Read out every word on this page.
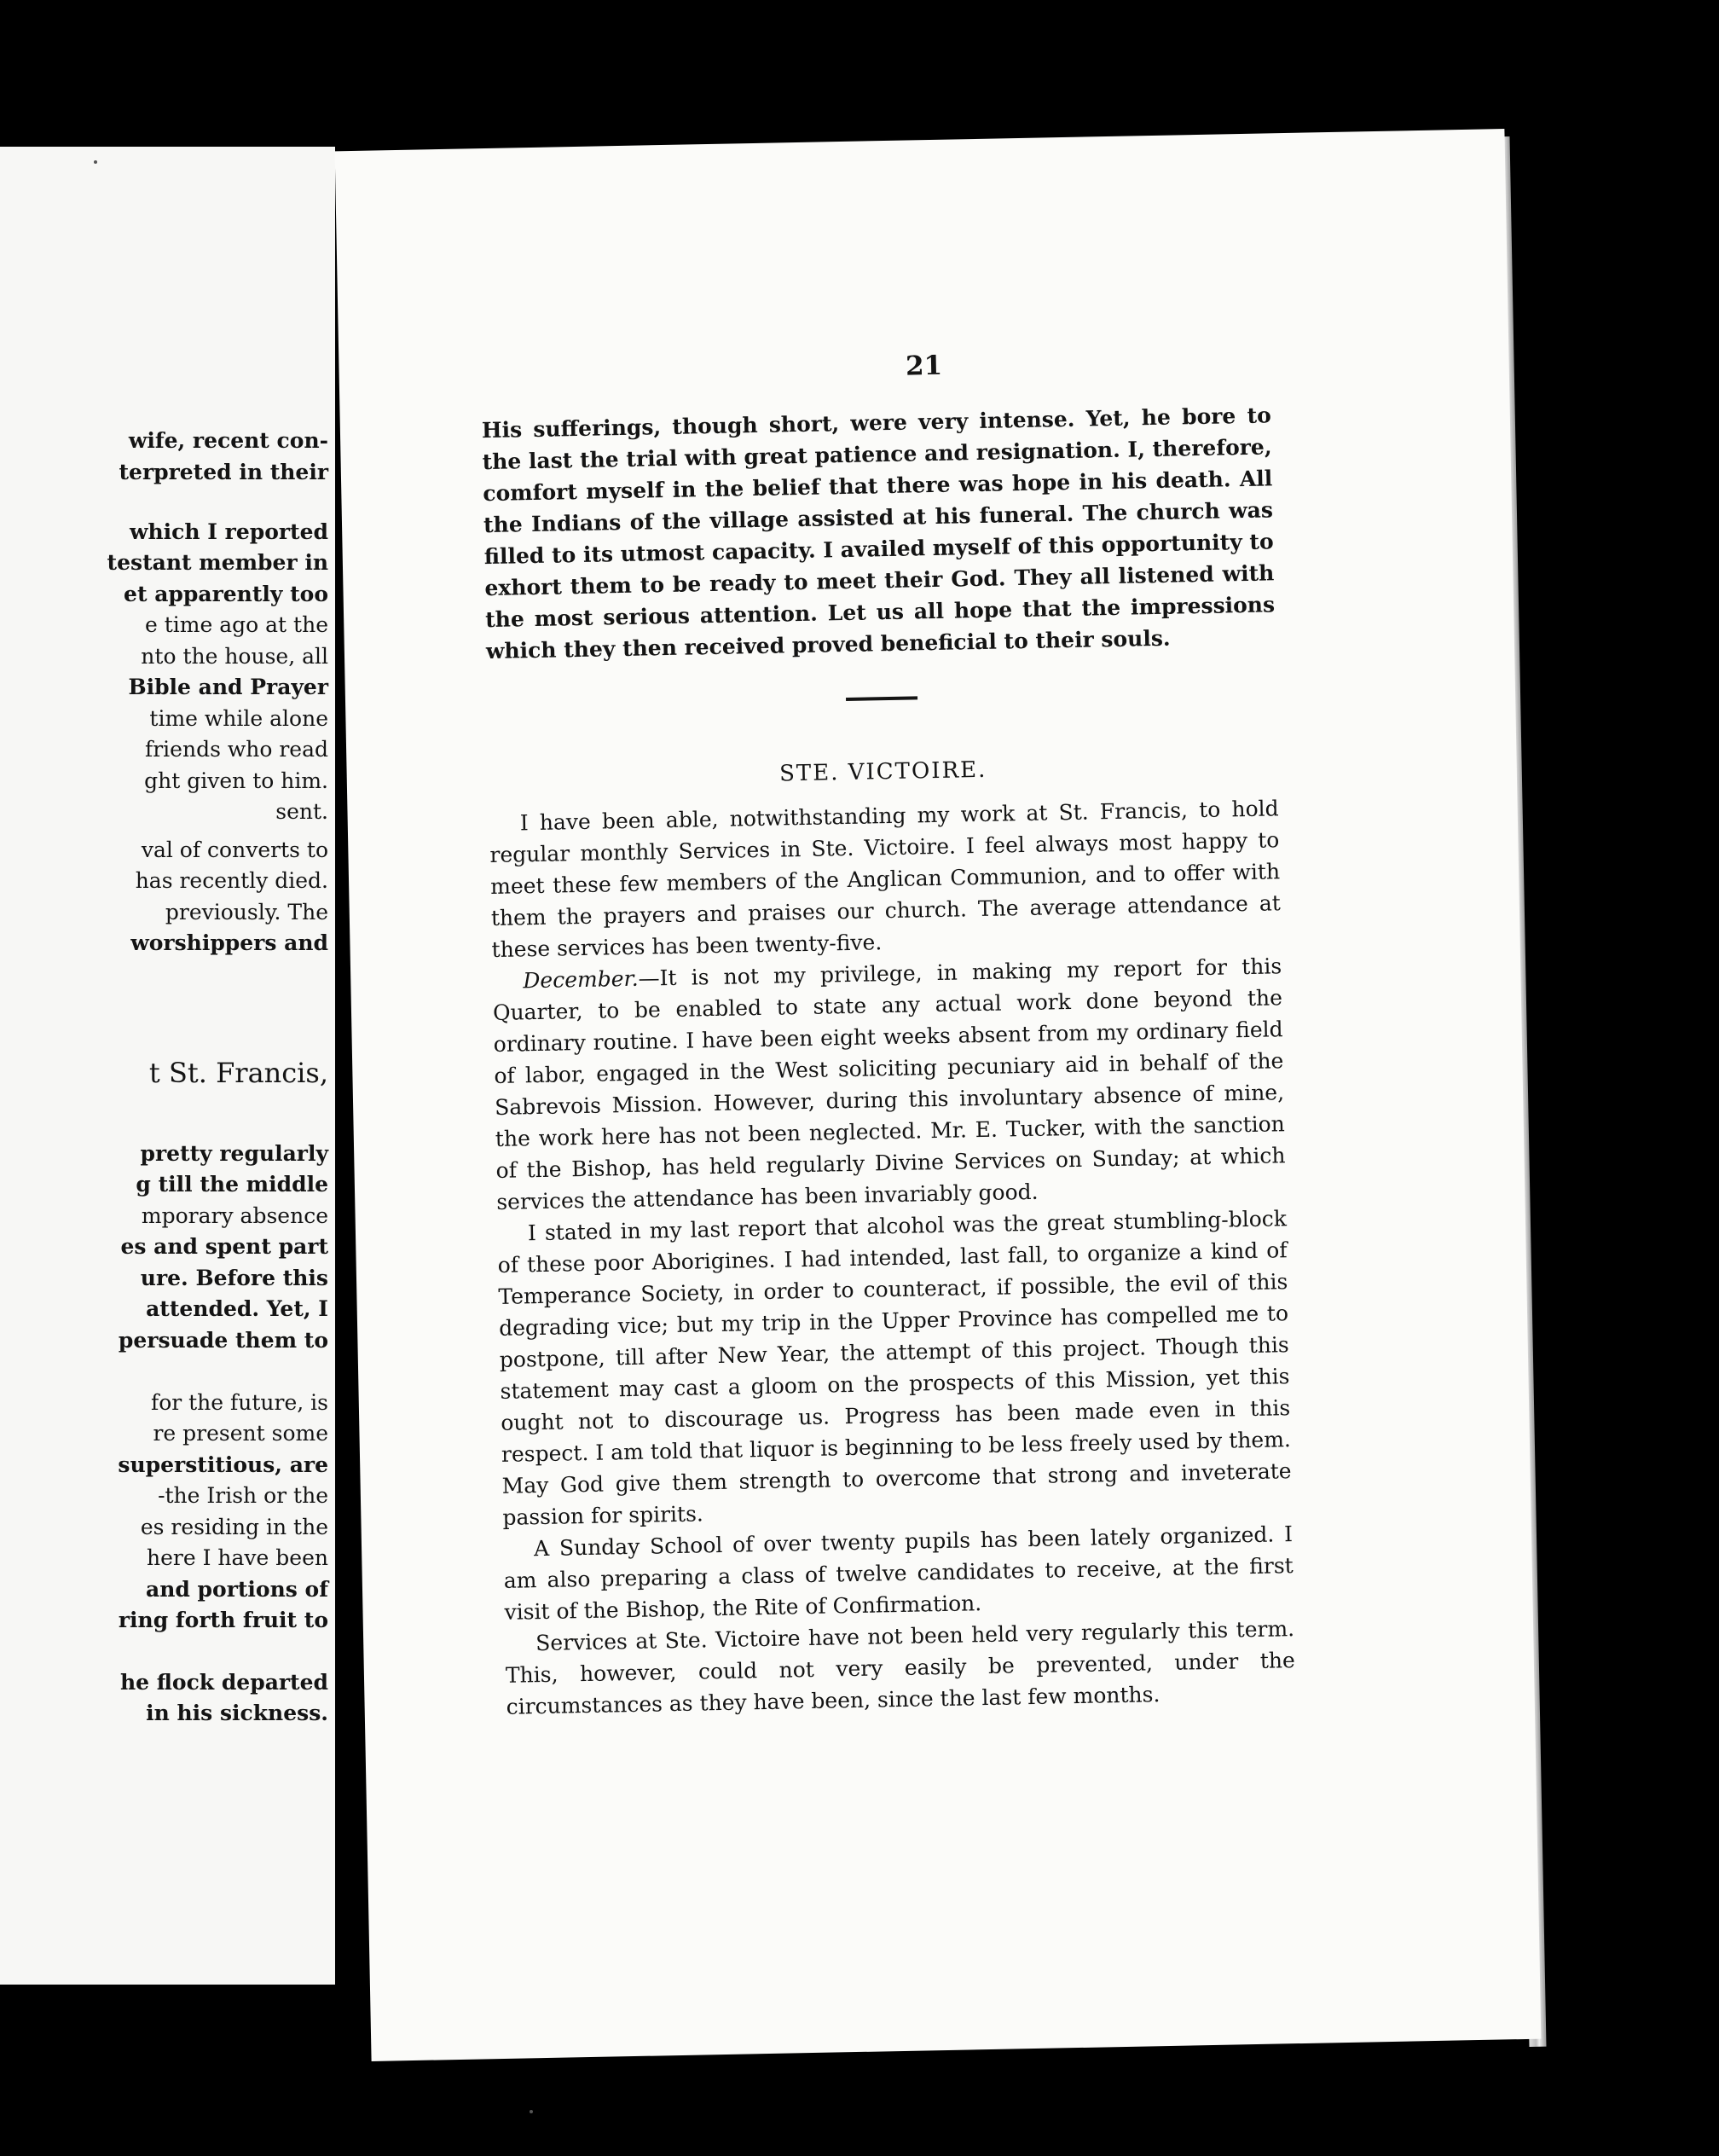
wife, recent con-
terpreted in their
which I reported
testant member in
et apparently too
e time ago at the
nto the house, all
Bible and Prayer
time while alone
friends who read
ght given to him.
sent.
val of converts to
has recently died.
previously. The
worshippers and
t St. Francis,
pretty regularly
g till the middle
mporary absence
es and spent part
ure. Before this
attended. Yet, I
persuade them to
for the future, is
re present some
superstitious, are
-the Irish or the
es residing in the
here I have been
and portions of
ring forth fruit to
he flock departed
in his sickness.
21

His sufferings, though short, were very intense. Yet, he bore to the last the trial with great patience and resignation. I, therefore, comfort myself in the belief that there was hope in his death. All the Indians of the village assisted at his funeral. The church was filled to its utmost capacity. I availed myself of this opportunity to exhort them to be ready to meet their God. They all listened with the most serious attention. Let us all hope that the impressions which they then received proved beneficial to their souls.

STE. VICTOIRE.

I have been able, notwithstanding my work at St. Francis, to hold regular monthly Services in Ste. Victoire. I feel always most happy to meet these few members of the Anglican Communion, and to offer with them the prayers and praises our church. The average attendance at these services has been twenty-five.

December.—It is not my privilege, in making my report for this Quarter, to be enabled to state any actual work done beyond the ordinary routine. I have been eight weeks absent from my ordinary field of labor, engaged in the West soliciting pecuniary aid in behalf of the Sabrevois Mission. However, during this involuntary absence of mine, the work here has not been neglected. Mr. E. Tucker, with the sanction of the Bishop, has held regularly Divine Services on Sunday; at which services the attendance has been invariably good.

I stated in my last report that alcohol was the great stumbling-block of these poor Aborigines. I had intended, last fall, to organize a kind of Temperance Society, in order to counteract, if possible, the evil of this degrading vice; but my trip in the Upper Province has compelled me to postpone, till after New Year, the attempt of this project. Though this statement may cast a gloom on the prospects of this Mission, yet this ought not to discourage us. Progress has been made even in this respect. I am told that liquor is beginning to be less freely used by them. May God give them strength to overcome that strong and inveterate passion for spirits.

A Sunday School of over twenty pupils has been lately organized. I am also preparing a class of twelve candidates to receive, at the first visit of the Bishop, the Rite of Confirmation.

Services at Ste. Victoire have not been held very regularly this term. This, however, could not very easily be prevented, under the circumstances as they have been, since the last few months.
